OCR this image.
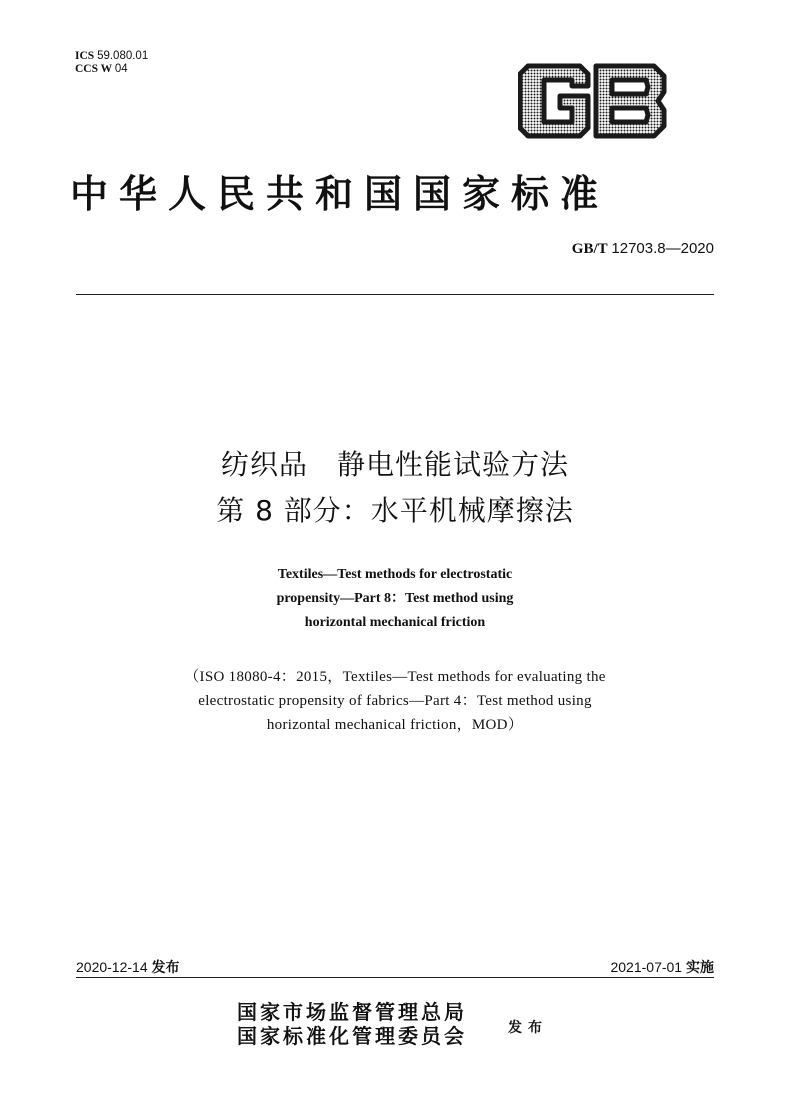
ICS 59.080.01
CCS W 04
中华人民共和国国家标准
GB/T 12703.8—2020
纺织品　静电性能试验方法
第 8 部分：水平机械摩擦法
Textiles—Test methods for electrostatic
propensity—Part 8：Test method using
horizontal mechanical friction
（ISO 18080-4：2015，Textiles—Test methods for evaluating the
electrostatic propensity of fabrics—Part 4：Test method using
horizontal mechanical friction，MOD）
2020-12-14 发布	2021-07-01 实施
国家市场监督管理总局
国家标准化管理委员会	发布
